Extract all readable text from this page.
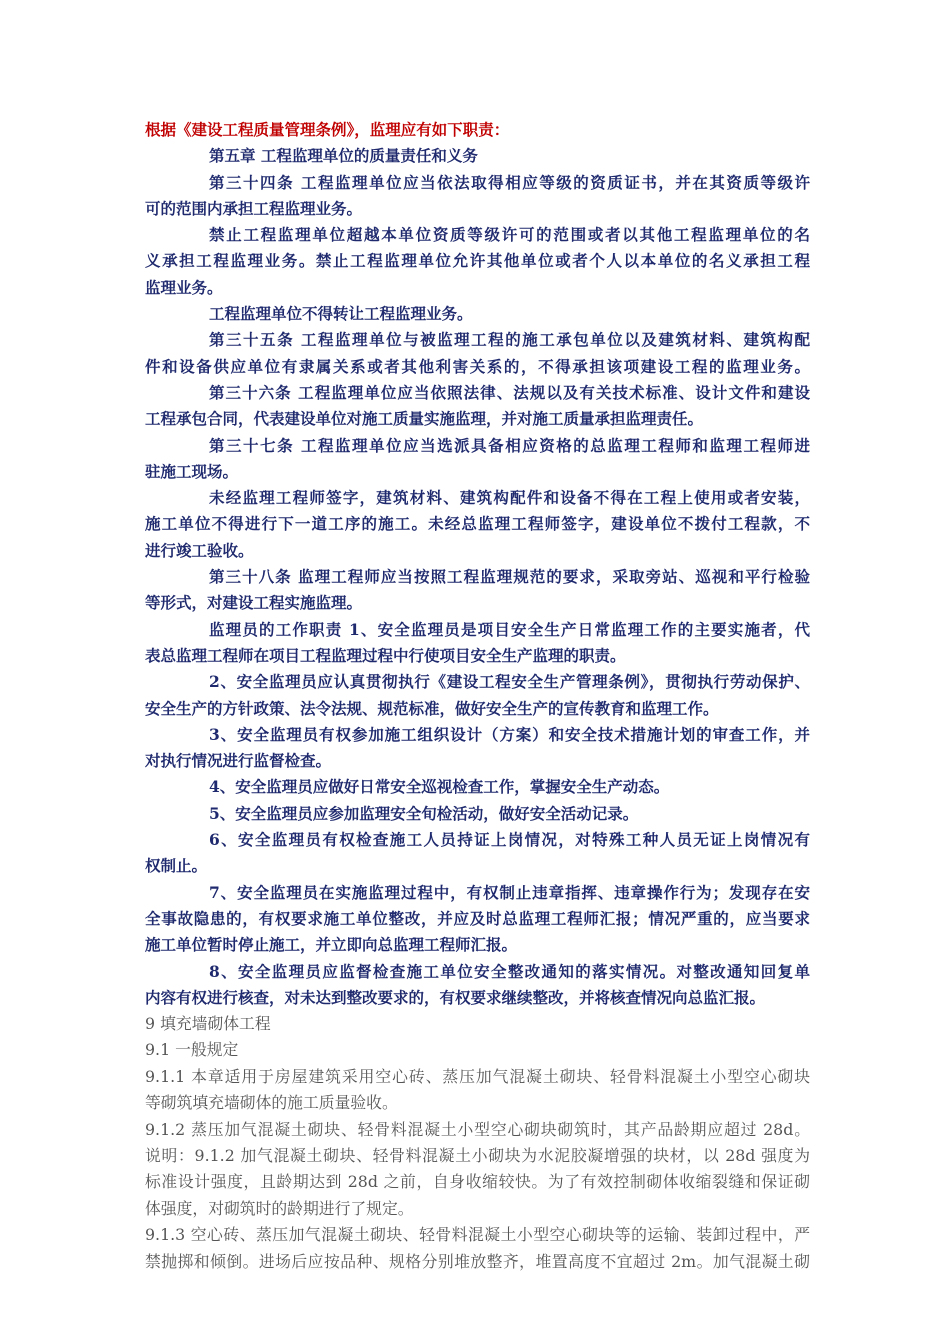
根据《建设工程质量管理条例》，监理应有如下职责：

第五章 工程监理单位的质量责任和义务

第三十四条 工程监理单位应当依法取得相应等级的资质证书，并在其资质等级许

可的范围内承担工程监理业务。

禁止工程监理单位超越本单位资质等级许可的范围或者以其他工程监理单位的名

义承担工程监理业务。禁止工程监理单位允许其他单位或者个人以本单位的名义承担工程

监理业务。

工程监理单位不得转让工程监理业务。

第三十五条 工程监理单位与被监理工程的施工承包单位以及建筑材料、建筑构配

件和设备供应单位有隶属关系或者其他利害关系的，不得承担该项建设工程的监理业务。

第三十六条 工程监理单位应当依照法律、法规以及有关技术标准、设计文件和建设

工程承包合同，代表建设单位对施工质量实施监理，并对施工质量承担监理责任。

第三十七条 工程监理单位应当选派具备相应资格的总监理工程师和监理工程师进

驻施工现场。

未经监理工程师签字，建筑材料、建筑构配件和设备不得在工程上使用或者安装，

施工单位不得进行下一道工序的施工。未经总监理工程师签字，建设单位不拨付工程款，不

进行竣工验收。

第三十八条 监理工程师应当按照工程监理规范的要求，采取旁站、巡视和平行检验

等形式，对建设工程实施监理。

监理员的工作职责 1、安全监理员是项目安全生产日常监理工作的主要实施者，代

表总监理工程师在项目工程监理过程中行使项目安全生产监理的职责。

2、安全监理员应认真贯彻执行《建设工程安全生产管理条例》，贯彻执行劳动保护、

安全生产的方针政策、法令法规、规范标准，做好安全生产的宣传教育和监理工作。

3、安全监理员有权参加施工组织设计（方案）和安全技术措施计划的审查工作，并

对执行情况进行监督检查。

4、安全监理员应做好日常安全巡视检查工作，掌握安全生产动态。

5、安全监理员应参加监理安全旬检活动，做好安全活动记录。

6、安全监理员有权检查施工人员持证上岗情况，对特殊工种人员无证上岗情况有

权制止。

7、安全监理员在实施监理过程中，有权制止违章指挥、违章操作行为；发现存在安

全事故隐患的，有权要求施工单位整改，并应及时总监理工程师汇报；情况严重的，应当要求

施工单位暂时停止施工，并立即向总监理工程师汇报。

8、安全监理员应监督检查施工单位安全整改通知的落实情况。对整改通知回复单

内容有权进行核查，对未达到整改要求的，有权要求继续整改，并将核查情况向总监汇报。

9 填充墙砌体工程

9.1 一般规定

9.1.1 本章适用于房屋建筑采用空心砖、蒸压加气混凝土砌块、轻骨料混凝土小型空心砌块

等砌筑填充墙砌体的施工质量验收。

9.1.2 蒸压加气混凝土砌块、轻骨料混凝土小型空心砌块砌筑时，其产品龄期应超过 28d。

说明：9.1.2 加气混凝土砌块、轻骨料混凝土小砌块为水泥胶凝增强的块材，以 28d 强度为

标准设计强度，且龄期达到 28d 之前，自身收缩较快。为了有效控制砌体收缩裂缝和保证砌

体强度，对砌筑时的龄期进行了规定。

9.1.3 空心砖、蒸压加气混凝土砌块、轻骨料混凝土小型空心砌块等的运输、装卸过程中，严

禁抛掷和倾倒。进场后应按品种、规格分别堆放整齐，堆置高度不宜超过 2m。加气混凝土砌
